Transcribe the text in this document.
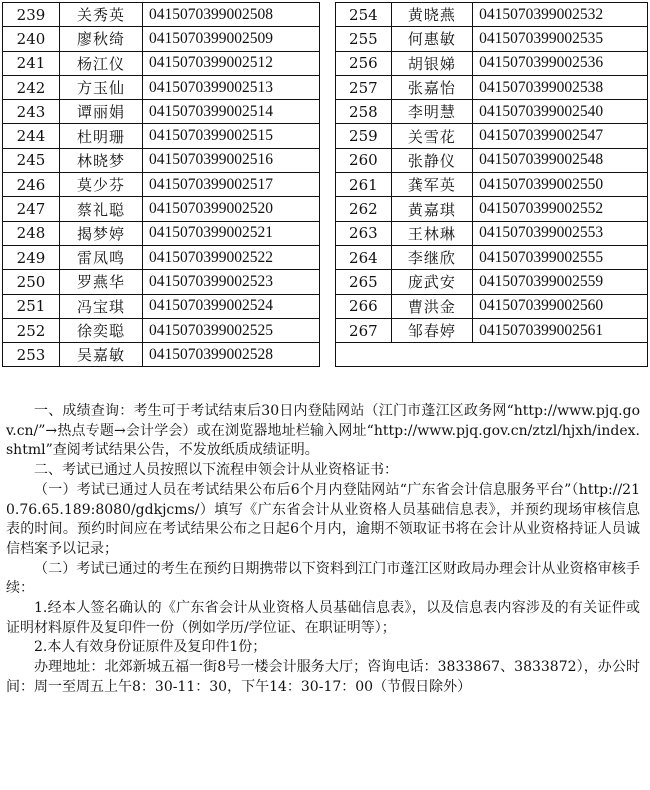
239	关秀英	0415070399002508
240	廖秋绮	0415070399002509
241	杨江仪	0415070399002512
242	方玉仙	0415070399002513
243	谭丽娟	0415070399002514
244	杜明珊	0415070399002515
245	林晓梦	0415070399002516
246	莫少芬	0415070399002517
247	蔡礼聪	0415070399002520
248	揭梦婷	0415070399002521
249	雷凤鸣	0415070399002522
250	罗燕华	0415070399002523
251	冯宝琪	0415070399002524
252	徐奕聪	0415070399002525
253	吴嘉敏	0415070399002528
254	黄晓燕	0415070399002532
255	何惠敏	0415070399002535
256	胡银娣	0415070399002536
257	张嘉怡	0415070399002538
258	李明慧	0415070399002540
259	关雪花	0415070399002547
260	张静仪	0415070399002548
261	龚军英	0415070399002550
262	黄嘉琪	0415070399002552
263	王林琳	0415070399002553
264	李继欣	0415070399002555
265	庞武安	0415070399002559
266	曹洪金	0415070399002560
267	邹春婷	0415070399002561

一、成绩查询：考生可于考试结束后30日内登陆网站（江门市蓬江区政务网“http://www.pjq.gov.cn/”→热点专题→会计学会）或在浏览器地址栏输入网址“http://www.pjq.gov.cn/ztzl/hjxh/index.shtml”查阅考试结果公告，不发放纸质成绩证明。

二、考试已通过人员按照以下流程申领会计从业资格证书：

（一）考试已通过人员在考试结果公布后6个月内登陆网站“广东省会计信息服务平台”（http://210.76.65.189:8080/gdkjcms/）填写《广东省会计从业资格人员基础信息表》，并预约现场审核信息表的时间。预约时间应在考试结果公布之日起6个月内，逾期不领取证书将在会计从业资格持证人员诚信档案予以记录；

（二）考试已通过的考生在预约日期携带以下资料到江门市蓬江区财政局办理会计从业资格审核手续：

1.经本人签名确认的《广东省会计从业资格人员基础信息表》，以及信息表内容涉及的有关证件或证明材料原件及复印件一份（例如学历/学位证、在职证明等）；

2.本人有效身份证原件及复印件1份；

办理地址：北郊新城五福一街8号一楼会计服务大厅；咨询电话：3833867、3833872），办公时间：周一至周五上午8：30-11：30，下午14：30-17：00（节假日除外）
